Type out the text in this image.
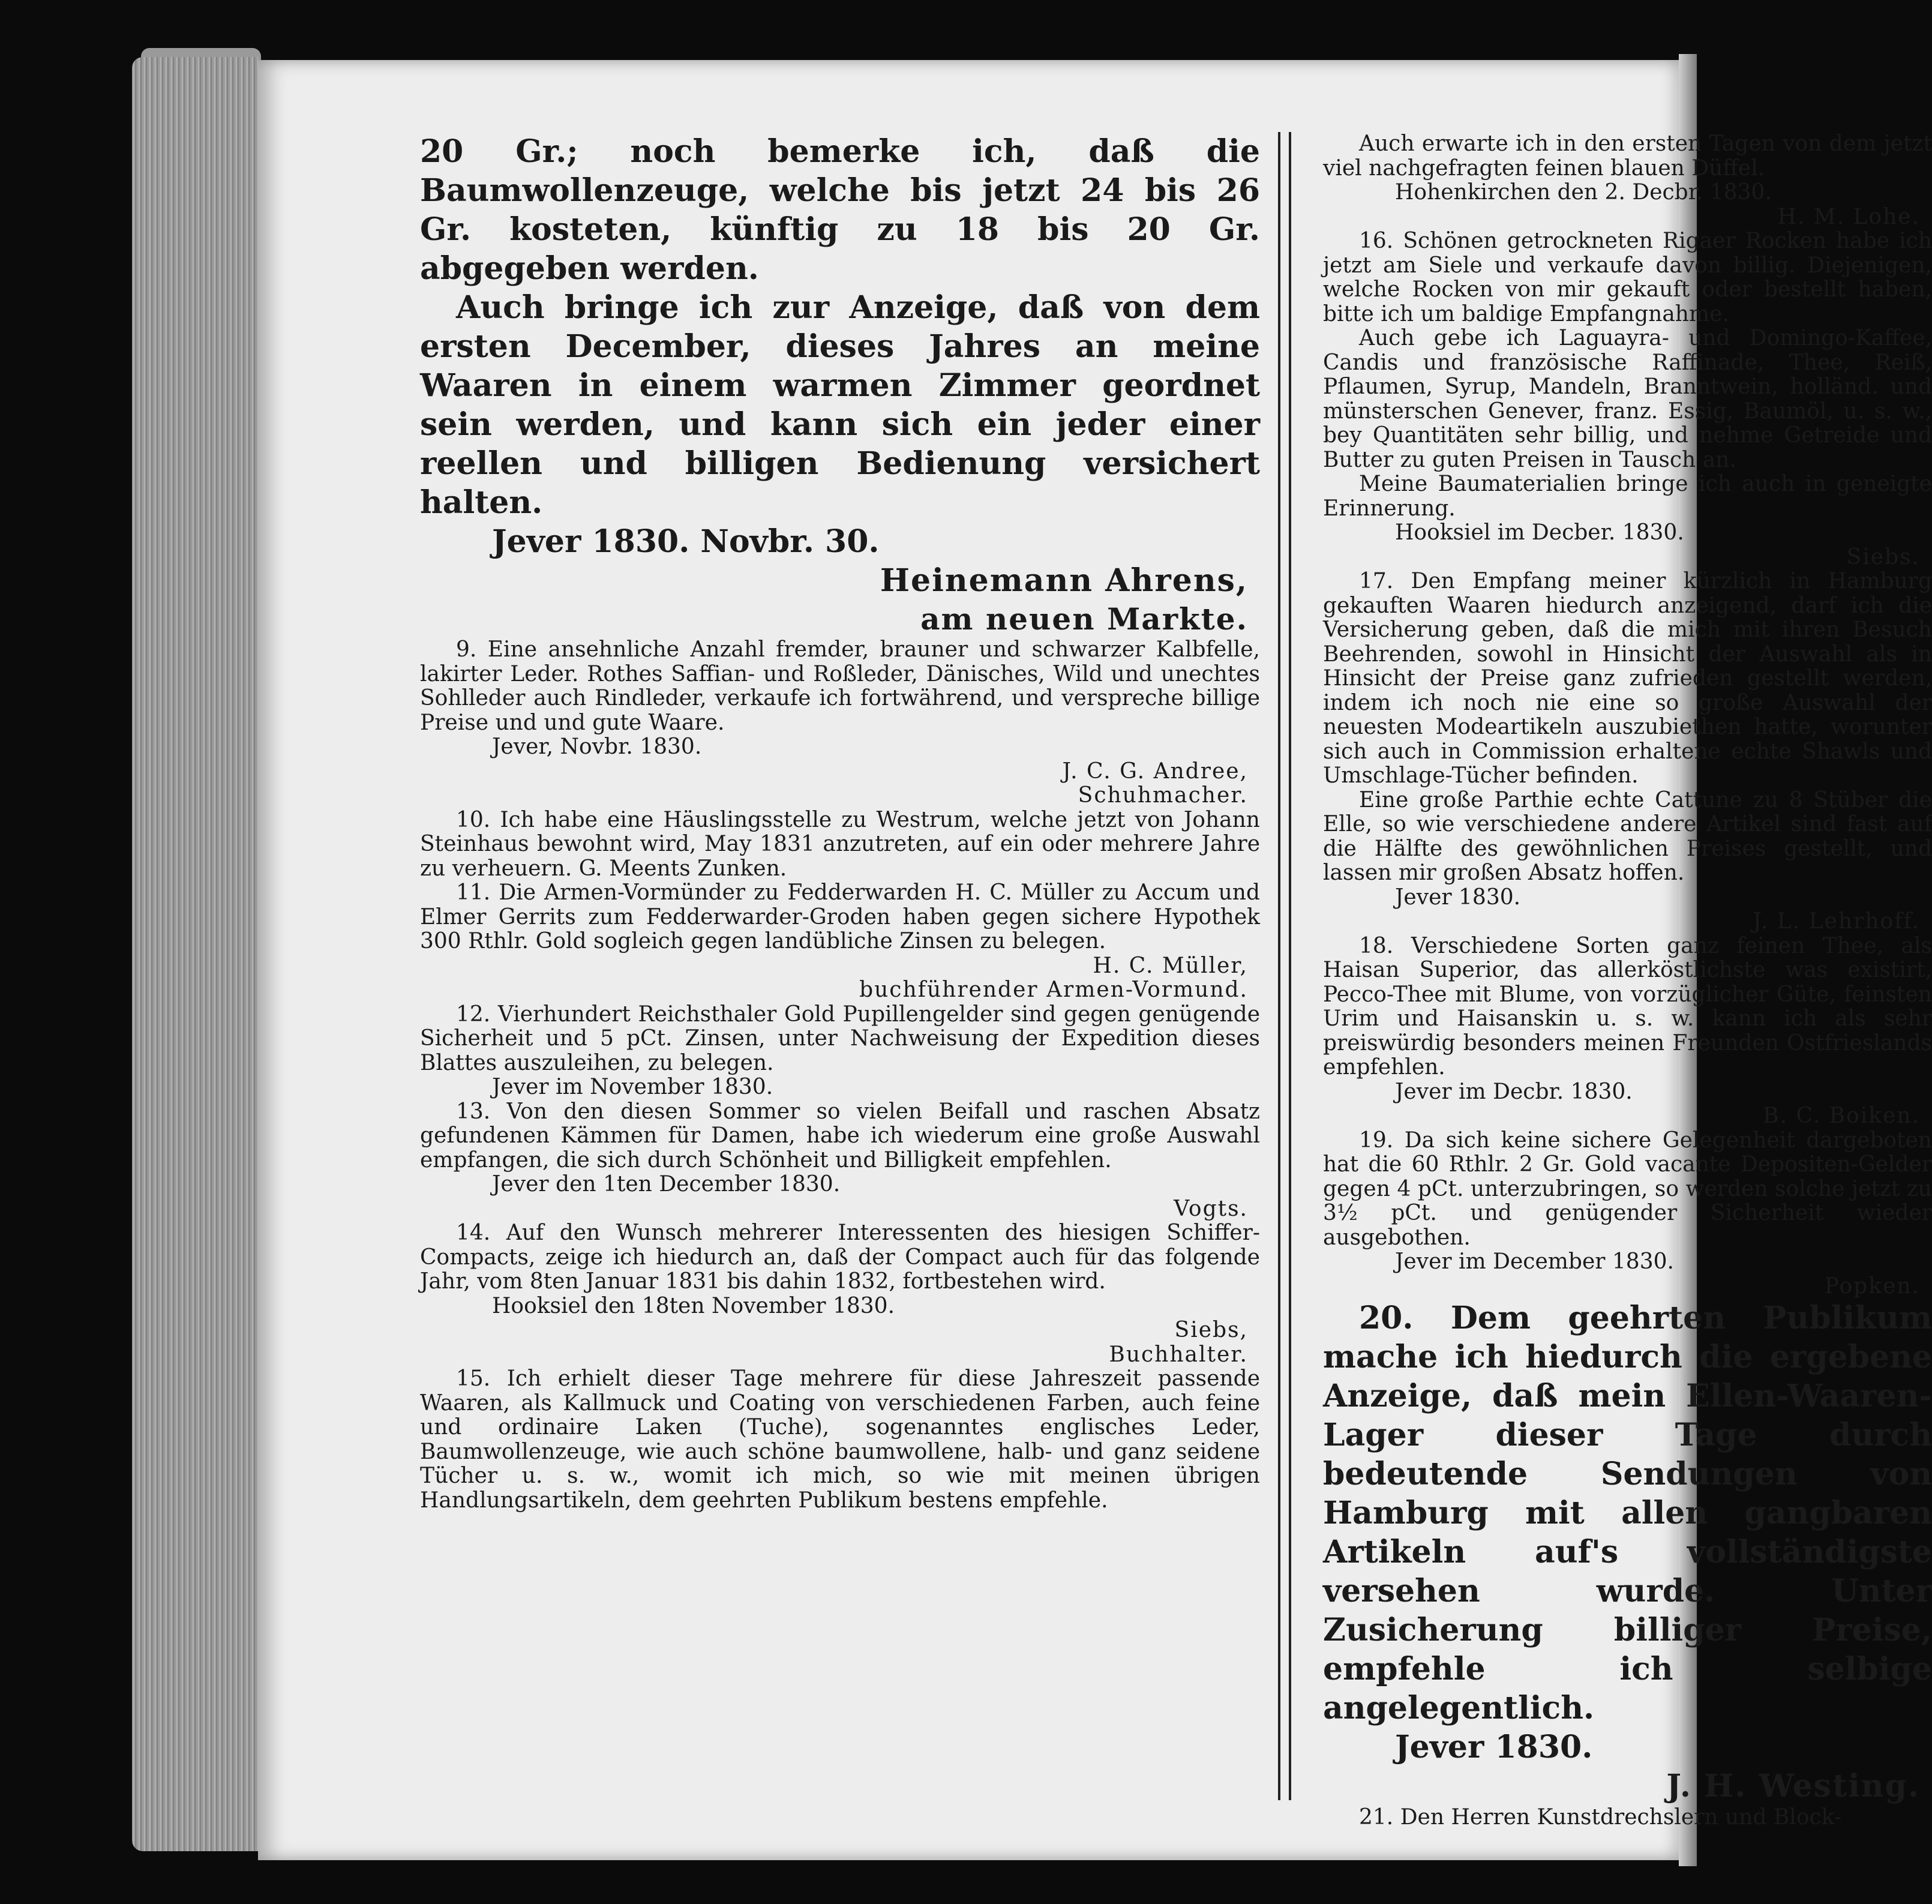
20 Gr.; noch bemerke ich, daß die Baumwollenzeuge, welche bis jetzt 24 bis 26 Gr. kosteten, künftig zu 18 bis 20 Gr. abgegeben werden.

Auch bringe ich zur Anzeige, daß von dem ersten December, dieses Jahres an meine Waaren in einem warmen Zimmer geordnet sein werden, und kann sich ein jeder einer reellen und billigen Bedienung versichert halten.

Jever 1830. Novbr. 30.

Heinemann Ahrens,

am neuen Markte.

9. Eine ansehnliche Anzahl fremder, brauner und schwarzer Kalbfelle, lakirter Leder. Rothes Saffian- und Roßleder, Dänisches, Wild und unechtes Sohlleder auch Rindleder, verkaufe ich fortwährend, und verspreche billige Preise und und gute Waare.

Jever, Novbr. 1830.

J. C. G. Andree,

Schuhmacher.

10. Ich habe eine Häuslingsstelle zu Westrum, welche jetzt von Johann Steinhaus bewohnt wird, May 1831 anzutreten, auf ein oder mehrere Jahre zu verheuern. G. Meents Zunken.

11. Die Armen-Vormünder zu Fedderwarden H. C. Müller zu Accum und Elmer Gerrits zum Fedderwarder-Groden haben gegen sichere Hypothek 300 Rthlr. Gold sogleich gegen landübliche Zinsen zu belegen.

H. C. Müller,

buchführender Armen-Vormund.

12. Vierhundert Reichsthaler Gold Pupillengelder sind gegen genügende Sicherheit und 5 pCt. Zinsen, unter Nachweisung der Expedition dieses Blattes auszuleihen, zu belegen.

Jever im November 1830.

13. Von den diesen Sommer so vielen Beifall und raschen Absatz gefundenen Kämmen für Damen, habe ich wiederum eine große Auswahl empfangen, die sich durch Schönheit und Billigkeit empfehlen.

Jever den 1ten December 1830.

Vogts.

14. Auf den Wunsch mehrerer Interessenten des hiesigen Schiffer-Compacts, zeige ich hiedurch an, daß der Compact auch für das folgende Jahr, vom 8ten Januar 1831 bis dahin 1832, fortbestehen wird.

Hooksiel den 18ten November 1830.

Siebs,

Buchhalter.

15. Ich erhielt dieser Tage mehrere für diese Jahreszeit passende Waaren, als Kallmuck und Coating von verschiedenen Farben, auch feine und ordinaire Laken (Tuche), sogenanntes englisches Leder, Baumwollenzeuge, wie auch schöne baumwollene, halb- und ganz seidene Tücher u. s. w., womit ich mich, so wie mit meinen übrigen Handlungsartikeln, dem geehrten Publikum bestens empfehle.

Auch erwarte ich in den ersten Tagen von dem jetzt viel nachgefragten feinen blauen Düffel.

Hohenkirchen den 2. Decbr. 1830.

H. M. Lohe.

16. Schönen getrockneten Rigaer Rocken habe ich jetzt am Siele und verkaufe davon billig. Diejenigen, welche Rocken von mir gekauft oder bestellt haben, bitte ich um baldige Empfangnahme.

Auch gebe ich Laguayra- und Domingo-Kaffee, Candis und französische Raffinade, Thee, Reiß, Pflaumen, Syrup, Mandeln, Branntwein, holländ. und münsterschen Genever, franz. Essig, Baumöl, u. s. w., bey Quantitäten sehr billig, und nehme Getreide und Butter zu guten Preisen in Tausch an.

Meine Baumaterialien bringe ich auch in geneigte Erinnerung.

Hooksiel im Decber. 1830.

Siebs.

17. Den Empfang meiner kürzlich in Hamburg gekauften Waaren hiedurch anzeigend, darf ich die Versicherung geben, daß die mich mit ihren Besuch Beehrenden, sowohl in Hinsicht der Auswahl als in Hinsicht der Preise ganz zufrieden gestellt werden, indem ich noch nie eine so große Auswahl der neuesten Modeartikeln auszubiethen hatte, worunter sich auch in Commission erhaltene echte Shawls und Umschlage-Tücher befinden.

Eine große Parthie echte Cattune zu 8 Stüber die Elle, so wie verschiedene andere Artikel sind fast auf die Hälfte des gewöhnlichen Preises gestellt, und lassen mir großen Absatz hoffen.

Jever 1830.

J. L. Lehrhoff.

18. Verschiedene Sorten ganz feinen Thee, als Haisan Superior, das allerköstlichste was existirt, Pecco-Thee mit Blume, von vorzüglicher Güte, feinsten Urim und Haisanskin u. s. w. kann ich als sehr preiswürdig besonders meinen Freunden Ostfrieslands empfehlen.

Jever im Decbr. 1830.

B. C. Boiken.

19. Da sich keine sichere Gelegenheit dargeboten hat die 60 Rthlr. 2 Gr. Gold vacante Depositen-Gelder gegen 4 pCt. unterzubringen, so werden solche jetzt zu 3½ pCt. und genügender Sicherheit wieder ausgebothen.

Jever im December 1830.

Popken.

20. Dem geehrten Publikum mache ich hiedurch die ergebene Anzeige, daß mein Ellen-Waaren-Lager dieser Tage durch bedeutende Sendungen von Hamburg mit allen gangbaren Artikeln auf's vollständigste versehen wurde. Unter Zusicherung billiger Preise, empfehle ich selbige angelegentlich.

Jever 1830.

J. H. Westing.

21. Den Herren Kunstdrechslern und Block-
